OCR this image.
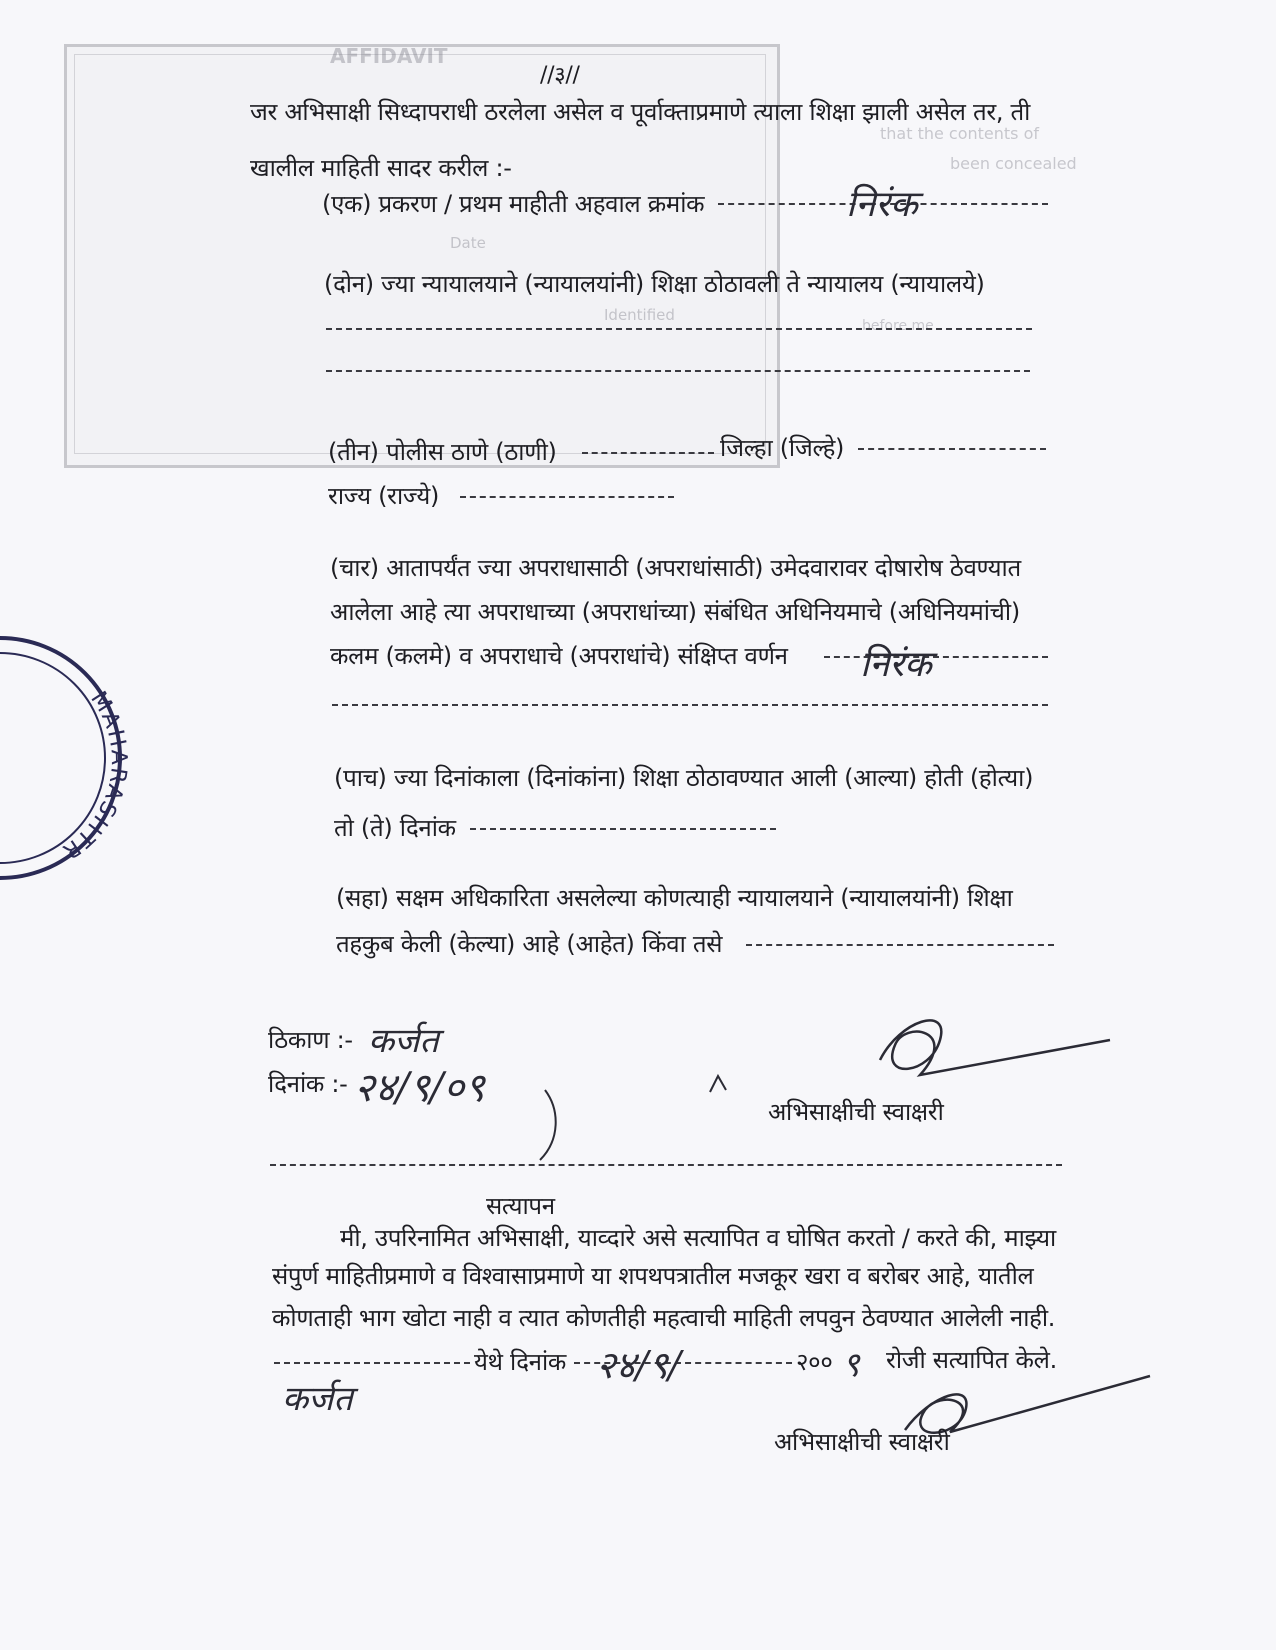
AFFIDAVIT
that the contents of
been concealed
Date
Identified
before me
MAHARASHTR
//३//
जर अभिसाक्षी सिध्दापराधी ठरलेला असेल व पूर्वाक्ताप्रमाणे त्याला शिक्षा झाली असेल तर, ती
खालील माहिती सादर करील :-
(एक) प्रकरण / प्रथम माहीती अहवाल क्रमांक	निरंक
(दोन) ज्या न्यायालयाने (न्यायालयांनी) शिक्षा ठोठावली ते न्यायालय (न्यायालये)
(तीन) पोलीस ठाणे (ठाणी)	जिल्हा (जिल्हे)
राज्य (राज्ये)
(चार) आतापर्यंत ज्या अपराधासाठी (अपराधांसाठी) उमेदवारावर दोषारोष ठेवण्यात
आलेला आहे त्या अपराधाच्या (अपराधांच्या) संबंधित अधिनियमाचे (अधिनियमांची)
कलम (कलमे) व अपराधाचे (अपराधांचे) संक्षिप्त वर्णन निरंक
(पाच) ज्या दिनांकाला (दिनांकांना) शिक्षा ठोठावण्यात आली (आल्या) होती (होत्या)
तो (ते) दिनांक
(सहा) सक्षम अधिकारिता असलेल्या कोणत्याही न्यायालयाने (न्यायालयांनी) शिक्षा
तहकुब केली (केल्या) आहे (आहेत) किंवा तसे
ठिकाण :- कर्जत
दिनांक :- २४/९/०९
अभिसाक्षीची स्वाक्षरी
सत्यापन
मी, उपरिनामित अभिसाक्षी, याव्दारे असे सत्यापित व घोषित करतो / करते की, माझ्या
संपुर्ण माहितीप्रमाणे व विश्वासाप्रमाणे या शपथपत्रातील मजकूर खरा व बरोबर आहे, यातील
कोणताही भाग खोटा नाही व त्यात कोणतीही महत्वाची माहिती लपवुन ठेवण्यात आलेली नाही.
येथे दिनांक २४/९/	२०० ९ रोजी सत्यापित केले.
कर्जत
अभिसाक्षीची स्वाक्षरी
